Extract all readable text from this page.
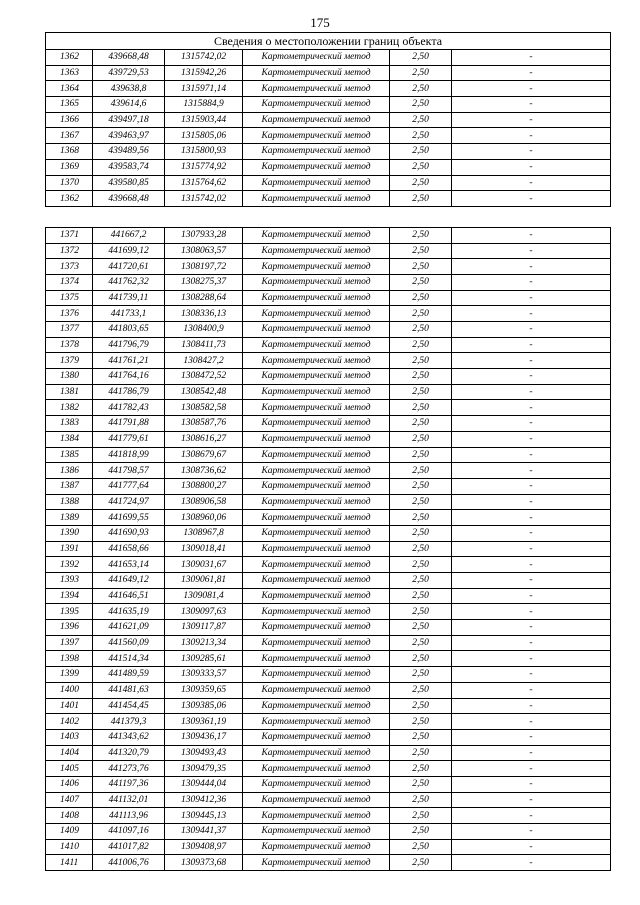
175
Сведения о местоположении границ объекта					
1362	439668,48	1315742,02	Картометрический метод	2,50	-
1363	439729,53	1315942,26	Картометрический метод	2,50	-
1364	439638,8	1315971,14	Картометрический метод	2,50	-
1365	439614,6	1315884,9	Картометрический метод	2,50	-
1366	439497,18	1315903,44	Картометрический метод	2,50	-
1367	439463,97	1315805,06	Картометрический метод	2,50	-
1368	439489,56	1315800,93	Картометрический метод	2,50	-
1369	439583,74	1315774,92	Картометрический метод	2,50	-
1370	439580,85	1315764,62	Картометрический метод	2,50	-
1362	439668,48	1315742,02	Картометрический метод	2,50	-

1371	441667,2	1307933,28	Картометрический метод	2,50	-
1372	441699,12	1308063,57	Картометрический метод	2,50	-
1373	441720,61	1308197,72	Картометрический метод	2,50	-
1374	441762,32	1308275,37	Картометрический метод	2,50	-
1375	441739,11	1308288,64	Картометрический метод	2,50	-
1376	441733,1	1308336,13	Картометрический метод	2,50	-
1377	441803,65	1308400,9	Картометрический метод	2,50	-
1378	441796,79	1308411,73	Картометрический метод	2,50	-
1379	441761,21	1308427,2	Картометрический метод	2,50	-
1380	441764,16	1308472,52	Картометрический метод	2,50	-
1381	441786,79	1308542,48	Картометрический метод	2,50	-
1382	441782,43	1308582,58	Картометрический метод	2,50	-
1383	441791,88	1308587,76	Картометрический метод	2,50	-
1384	441779,61	1308616,27	Картометрический метод	2,50	-
1385	441818,99	1308679,67	Картометрический метод	2,50	-
1386	441798,57	1308736,62	Картометрический метод	2,50	-
1387	441777,64	1308800,27	Картометрический метод	2,50	-
1388	441724,97	1308906,58	Картометрический метод	2,50	-
1389	441699,55	1308960,06	Картометрический метод	2,50	-
1390	441690,93	1308967,8	Картометрический метод	2,50	-
1391	441658,66	1309018,41	Картометрический метод	2,50	-
1392	441653,14	1309031,67	Картометрический метод	2,50	-
1393	441649,12	1309061,81	Картометрический метод	2,50	-
1394	441646,51	1309081,4	Картометрический метод	2,50	-
1395	441635,19	1309097,63	Картометрический метод	2,50	-
1396	441621,09	1309117,87	Картометрический метод	2,50	-
1397	441560,09	1309213,34	Картометрический метод	2,50	-
1398	441514,34	1309285,61	Картометрический метод	2,50	-
1399	441489,59	1309333,57	Картометрический метод	2,50	-
1400	441481,63	1309359,65	Картометрический метод	2,50	-
1401	441454,45	1309385,06	Картометрический метод	2,50	-
1402	441379,3	1309361,19	Картометрический метод	2,50	-
1403	441343,62	1309436,17	Картометрический метод	2,50	-
1404	441320,79	1309493,43	Картометрический метод	2,50	-
1405	441273,76	1309479,35	Картометрический метод	2,50	-
1406	441197,36	1309444,04	Картометрический метод	2,50	-
1407	441132,01	1309412,36	Картометрический метод	2,50	-
1408	441113,96	1309445,13	Картометрический метод	2,50	-
1409	441097,16	1309441,37	Картометрический метод	2,50	-
1410	441017,82	1309408,97	Картометрический метод	2,50	-
1411	441006,76	1309373,68	Картометрический метод	2,50	-
